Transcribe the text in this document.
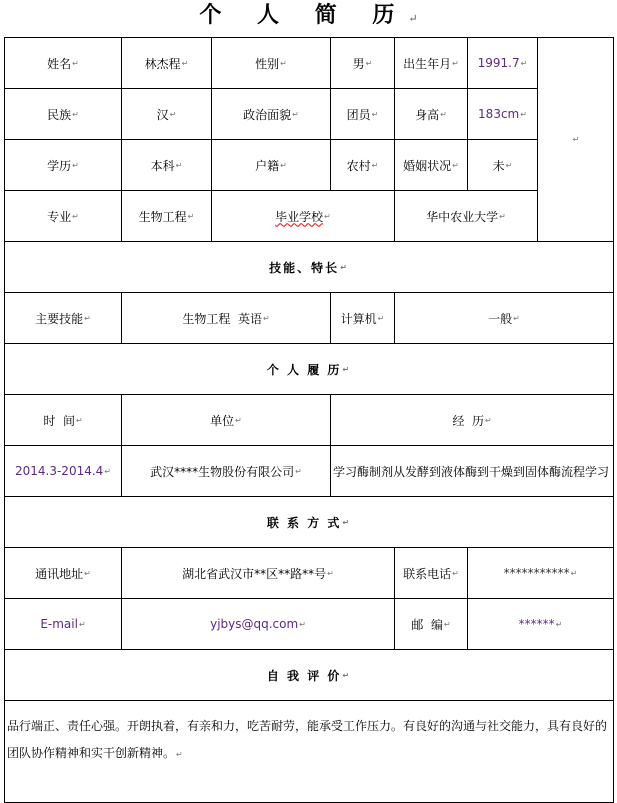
个 人 简 历↵
姓名 ↵	林杰程 ↵	性别 ↵	男 ↵	出生年月 ↵ 1991.7 ↵
↵
民族 ↵	汉 ↵	政治面貌 ↵	团员 ↵	身高 ↵	183cm ↵
学历 ↵	本科 ↵	户籍 ↵	农村 ↵ 婚姻状况 ↵	未 ↵
专业 ↵	生物工程 ↵	毕业学校 ↵	华中农业大学 ↵
技能、特长 ↵
主要技能 ↵	生物工程  英语 ↵	计算机 ↵	一般 ↵
个 人 履 历 ↵
时  间 ↵	单位 ↵	经  历 ↵
2014.3-2014.4 ↵	武汉****生物股份有限公司 ↵	学习酶制剂从发酵到液体酶到干燥到固体酶流程学习
联 系 方 式 ↵
通讯地址 ↵	湖北省武汉市**区**路**号 ↵	联系电话 ↵	*********** ↵
E-mail ↵	yjbys@qq.com ↵	邮  编 ↵	****** ↵
自 我 评 价 ↵
品行端正、责任心强。开朗执着，有亲和力，吃苦耐劳，能承受工作压力。有良好的沟通与社交能力，具有良好的团队协作精神和实干创新精神。↵
